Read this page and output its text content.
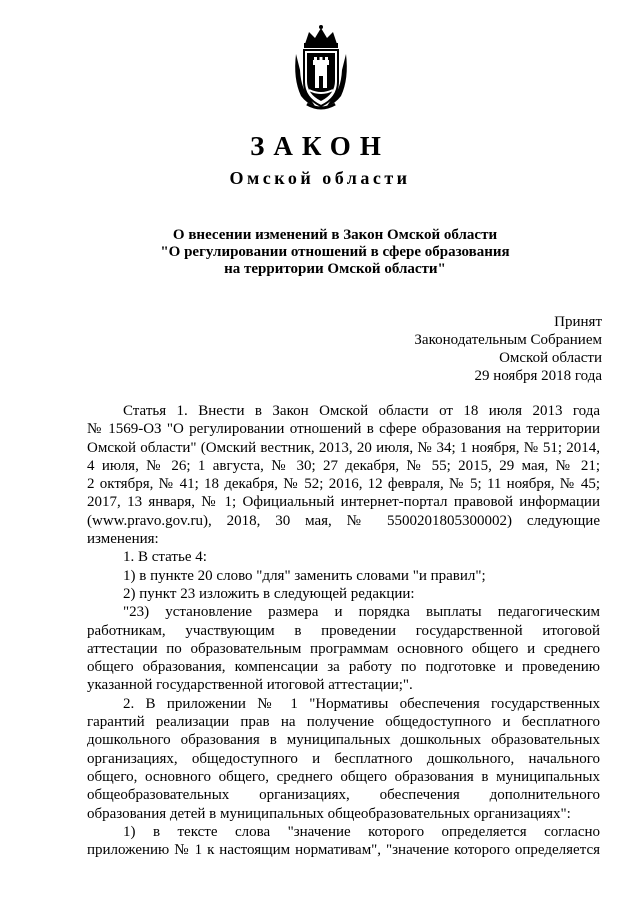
ЗАКОН
Омской области
О внесении изменений в Закон Омской области
"О регулировании отношений в сфере образования
на территории Омской области"
Принят
Законодательным Собранием
Омской области
29 ноября 2018 года
Статья 1. Внести в Закон Омской области от 18 июля 2013 года
№ 1569-ОЗ "О регулировании отношений в сфере образования на территории
Омской области" (Омский вестник, 2013, 20 июля, № 34; 1 ноября, № 51; 2014,
4 июля, № 26; 1 августа, № 30; 27 декабря, № 55; 2015, 29 мая, № 21;
2 октября, № 41; 18 декабря, № 52; 2016, 12 февраля, № 5; 11 ноября, № 45;
2017, 13 января, № 1; Официальный интернет-портал правовой информации
(www.pravo.gov.ru), 2018, 30 мая, № 5500201805300002) следующие
изменения:
1. В статье 4:
1) в пункте 20 слово "для" заменить словами "и правил";
2) пункт 23 изложить в следующей редакции:
"23) установление размера и порядка выплаты педагогическим
работникам, участвующим в проведении государственной итоговой
аттестации по образовательным программам основного общего и среднего
общего образования, компенсации за работу по подготовке и проведению
указанной государственной итоговой аттестации;".
2. В приложении № 1 "Нормативы обеспечения государственных
гарантий реализации прав на получение общедоступного и бесплатного
дошкольного образования в муниципальных дошкольных образовательных
организациях, общедоступного и бесплатного дошкольного, начального
общего, основного общего, среднего общего образования в муниципальных
общеобразовательных организациях, обеспечения дополнительного
образования детей в муниципальных общеобразовательных организациях":
1) в тексте слова "значение которого определяется согласно
приложению № 1 к настоящим нормативам", "значение которого определяется
